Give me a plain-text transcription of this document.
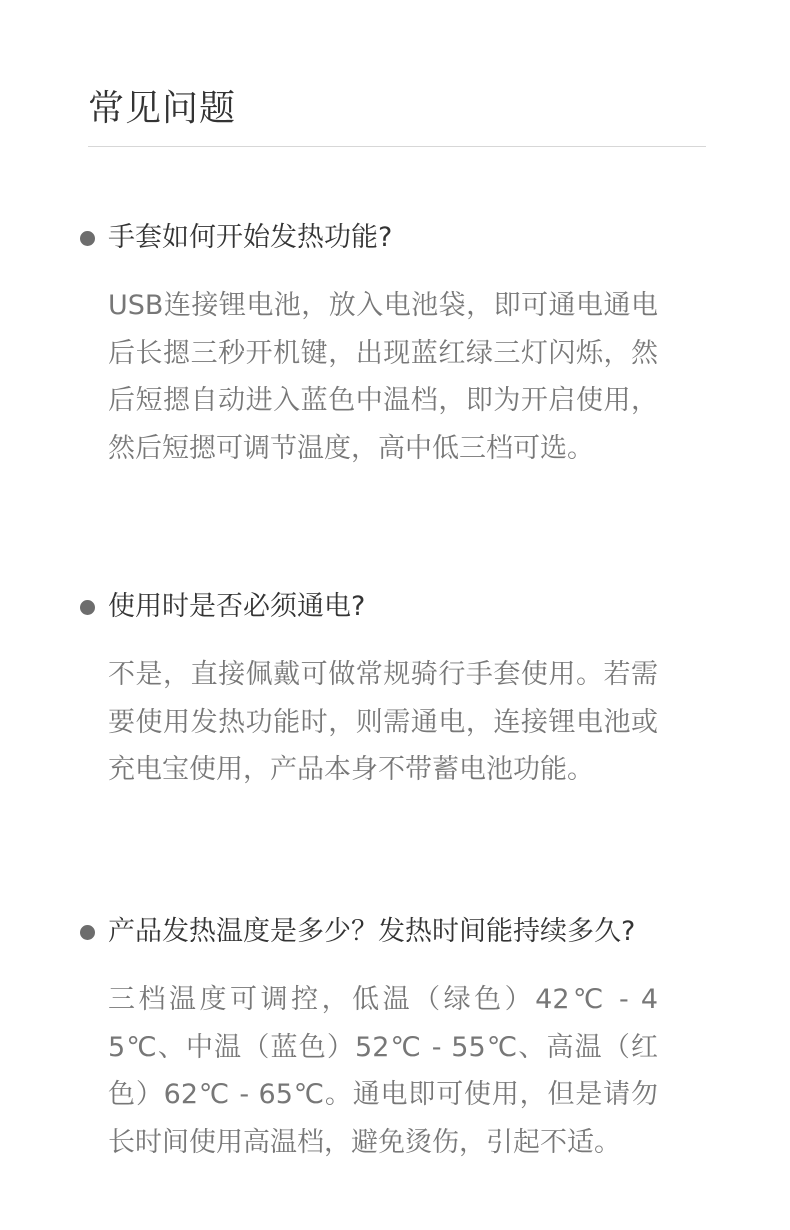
常见问题
手套如何开始发热功能?
USB连接锂电池，放入电池袋，即可通电通电后长摁三秒开机键，出现蓝红绿三灯闪烁，然后短摁自动进入蓝色中温档，即为开启使用，然后短摁可调节温度，高中低三档可选。
使用时是否必须通电?
不是，直接佩戴可做常规骑行手套使用。若需要使用发热功能时，则需通电，连接锂电池或充电宝使用，产品本身不带蓄电池功能。
产品发热温度是多少？发热时间能持续多久?
三档温度可调控，低温（绿色）42℃ - 45℃、中温（蓝色）52℃ - 55℃、高温（红色）62℃ - 65℃。通电即可使用，但是请勿长时间使用高温档，避免烫伤，引起不适。
